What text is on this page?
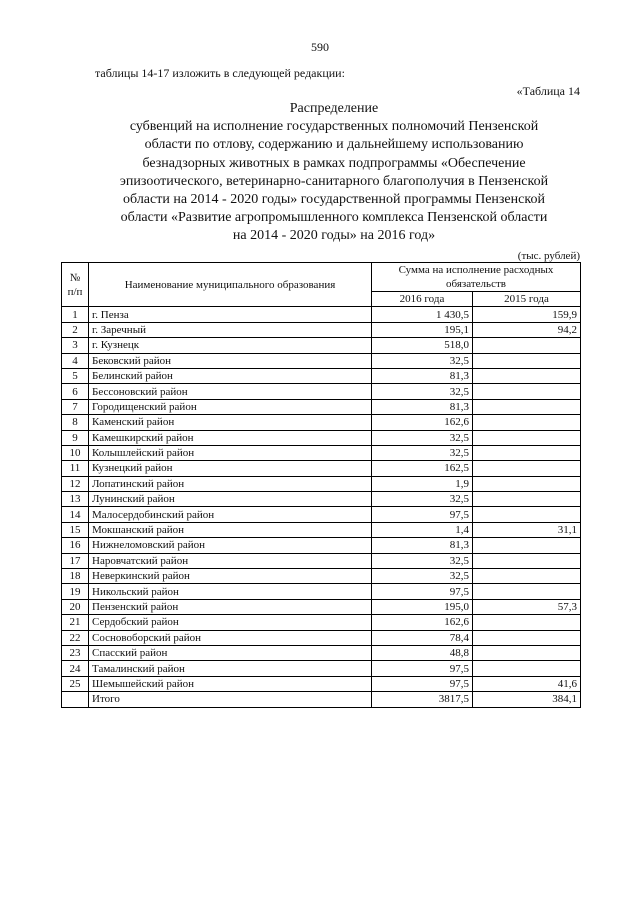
590
таблицы 14-17 изложить в следующей редакции:
«Таблица 14
Распределение
субвенций на исполнение государственных полномочий Пензенской
области по отлову, содержанию и дальнейшему использованию
безнадзорных животных в рамках подпрограммы «Обеспечение
эпизоотического, ветеринарно-санитарного благополучия в Пензенской
области на 2014 - 2020 годы» государственной программы Пензенской
области «Развитие агропромышленного комплекса Пензенской области
на 2014 - 2020 годы» на 2016 год»
(тыс. рублей)
№ п/п	Наименование муниципального образования	Сумма на исполнение расходных обязательств	
		2016 года	2015 года
1	г. Пенза	1 430,5	159,9
2	г. Заречный	195,1	94,2
3	г. Кузнецк	518,0	
4	Бековский район	32,5	
5	Белинский район	81,3	
6	Бессоновский район	32,5	
7	Городищенский район	81,3	
8	Каменский район	162,6	
9	Камешкирский район	32,5	
10	Колышлейский район	32,5	
11	Кузнецкий район	162,5	
12	Лопатинский район	1,9	
13	Лунинский район	32,5	
14	Малосердобинский район	97,5	
15	Мокшанский район	1,4	31,1
16	Нижнеломовский район	81,3	
17	Наровчатский район	32,5	
18	Неверкинский район	32,5	
19	Никольский район	97,5	
20	Пензенский район	195,0	57,3
21	Сердобский район	162,6	
22	Сосновоборский район	78,4	
23	Спасский район	48,8	
24	Тамалинский район	97,5	
25	Шемышейский район	97,5	41,6
	Итого	3817,5	384,1
